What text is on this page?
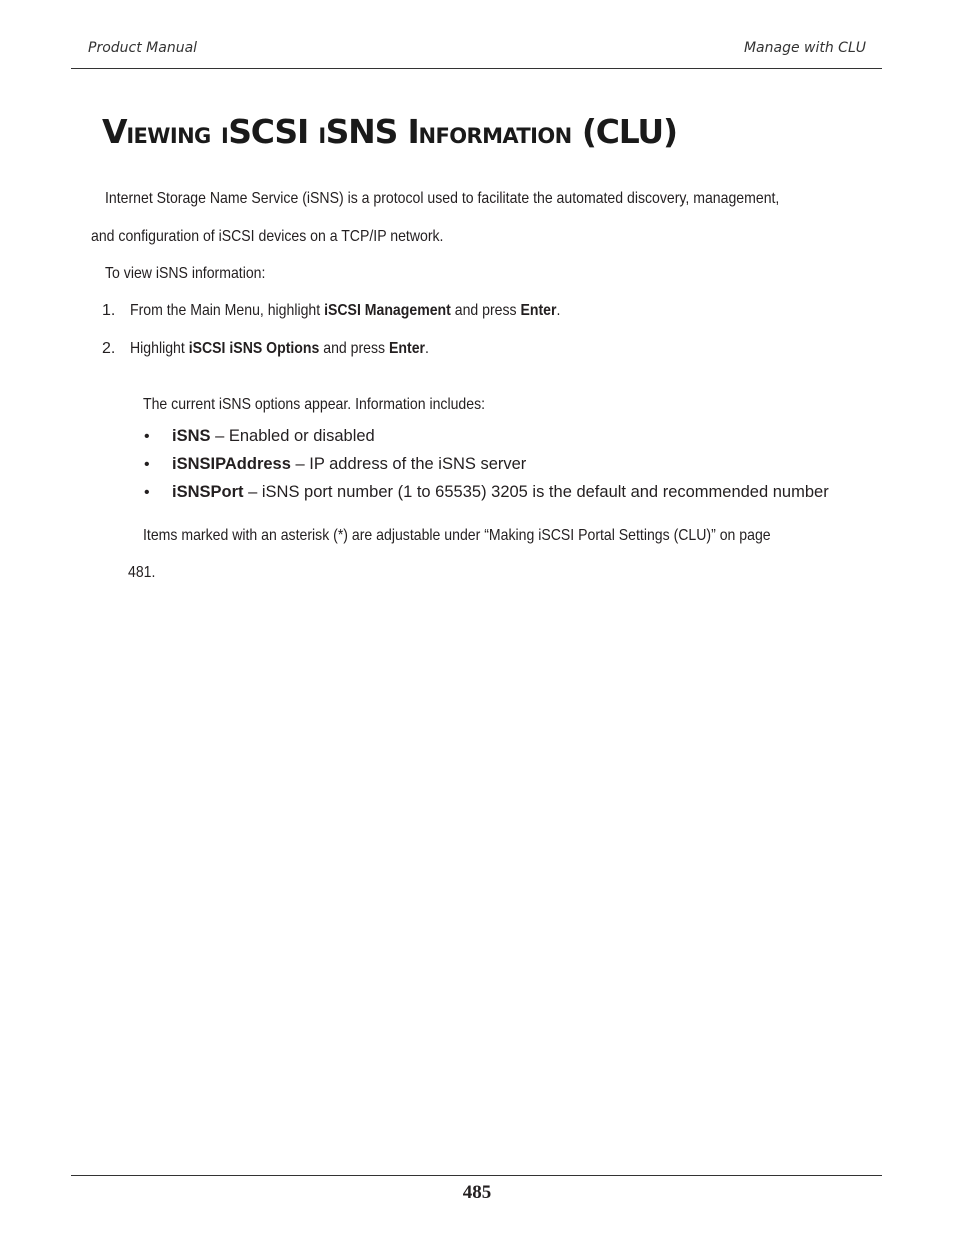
Product Manual	Manage with CLU
VIEWING ISCSI ISNS INFORMATION (CLU)
Internet Storage Name Service (iSNS) is a protocol used to facilitate the automated discovery, management,
and configuration of iSCSI devices on a TCP/IP network.
To view iSNS information:
1. From the Main Menu, highlight iSCSI Management and press Enter.
2. Highlight iSCSI iSNS Options and press Enter.
The current iSNS options appear. Information includes:
• iSNS – Enabled or disabled
• iSNSIPAddress – IP address of the iSNS server
• iSNSPort – iSNS port number (1 to 65535) 3205 is the default and recommended number
Items marked with an asterisk (*) are adjustable under “Making iSCSI Portal Settings (CLU)” on page
481.
485
